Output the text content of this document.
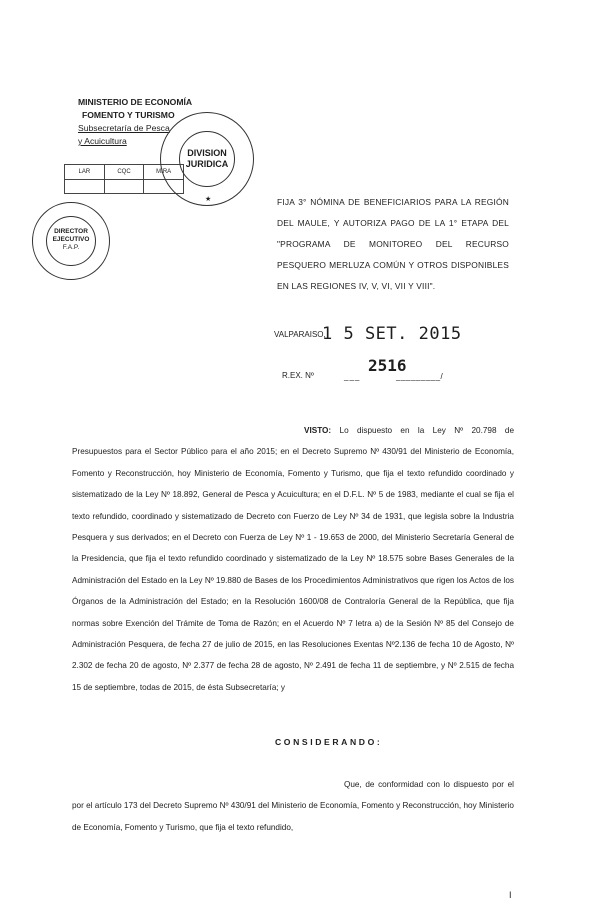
MINISTERIO DE ECONOMÍA
FOMENTO Y TURISMO
Subsecretaría de Pesca
y Acuicultura
LAR	CQC	MIRA
DIVISION
JURIDICA
★
DIRECTOR
EJECUTIVO
F.A.P.
FIJA 3° NÓMINA DE BENEFICIARIOS PARA LA REGIÓN DEL MAULE, Y AUTORIZA PAGO DE LA 1° ETAPA DEL "PROGRAMA DE MONITOREO DEL RECURSO PESQUERO MERLUZA COMÚN Y OTROS DISPONIBLES EN LAS REGIONES IV, V, VI, VII Y VIII".
VALPARAISO,
1 5 SET. 2015
R.EX. Nº	___
2516
_________/
VISTO: Lo dispuesto en la Ley Nº 20.798 de Presupuestos para el Sector Público para el año 2015; en el Decreto Supremo Nº 430/91 del Ministerio de Economía, Fomento y Reconstrucción, hoy Ministerio de Economía, Fomento y Turismo, que fija el texto refundido coordinado y sistematizado de la Ley Nº 18.892, General de Pesca y Acuicultura; en el D.F.L. Nº 5 de 1983, mediante el cual se fija el texto refundido, coordinado y sistematizado de Decreto con Fuerzo de Ley Nº 34 de 1931, que legisla sobre la Industria Pesquera y sus derivados; en el Decreto con Fuerza de Ley Nº 1 - 19.653 de 2000, del Ministerio Secretaría General de la Presidencia, que fija el texto refundido coordinado y sistematizado de la Ley Nº 18.575 sobre Bases Generales de la Administración del Estado en la Ley Nº 19.880 de Bases de los Procedimientos Administrativos que rigen los Actos de los Órganos de la Administración del Estado; en la Resolución 1600/08 de Contraloría General de la República, que fija normas sobre Exención del Trámite de Toma de Razón; en el Acuerdo Nº 7 letra a) de la Sesión Nº 85 del Consejo de Administración Pesquera, de fecha 27 de julio de 2015, en las Resoluciones Exentas Nº2.136 de fecha 10 de Agosto, Nº 2.302 de fecha 20 de agosto, Nº 2.377 de fecha 28 de agosto, Nº 2.491 de fecha 11 de septiembre, y Nº 2.515 de fecha 15 de septiembre, todas de 2015, de ésta Subsecretaría; y
CONSIDERANDO:
Que, de conformidad con lo dispuesto por el por el artículo 173 del Decreto Supremo Nº 430/91 del Ministerio de Economía, Fomento y Reconstrucción, hoy Ministerio de Economía, Fomento y Turismo, que fija el texto refundido,
I
